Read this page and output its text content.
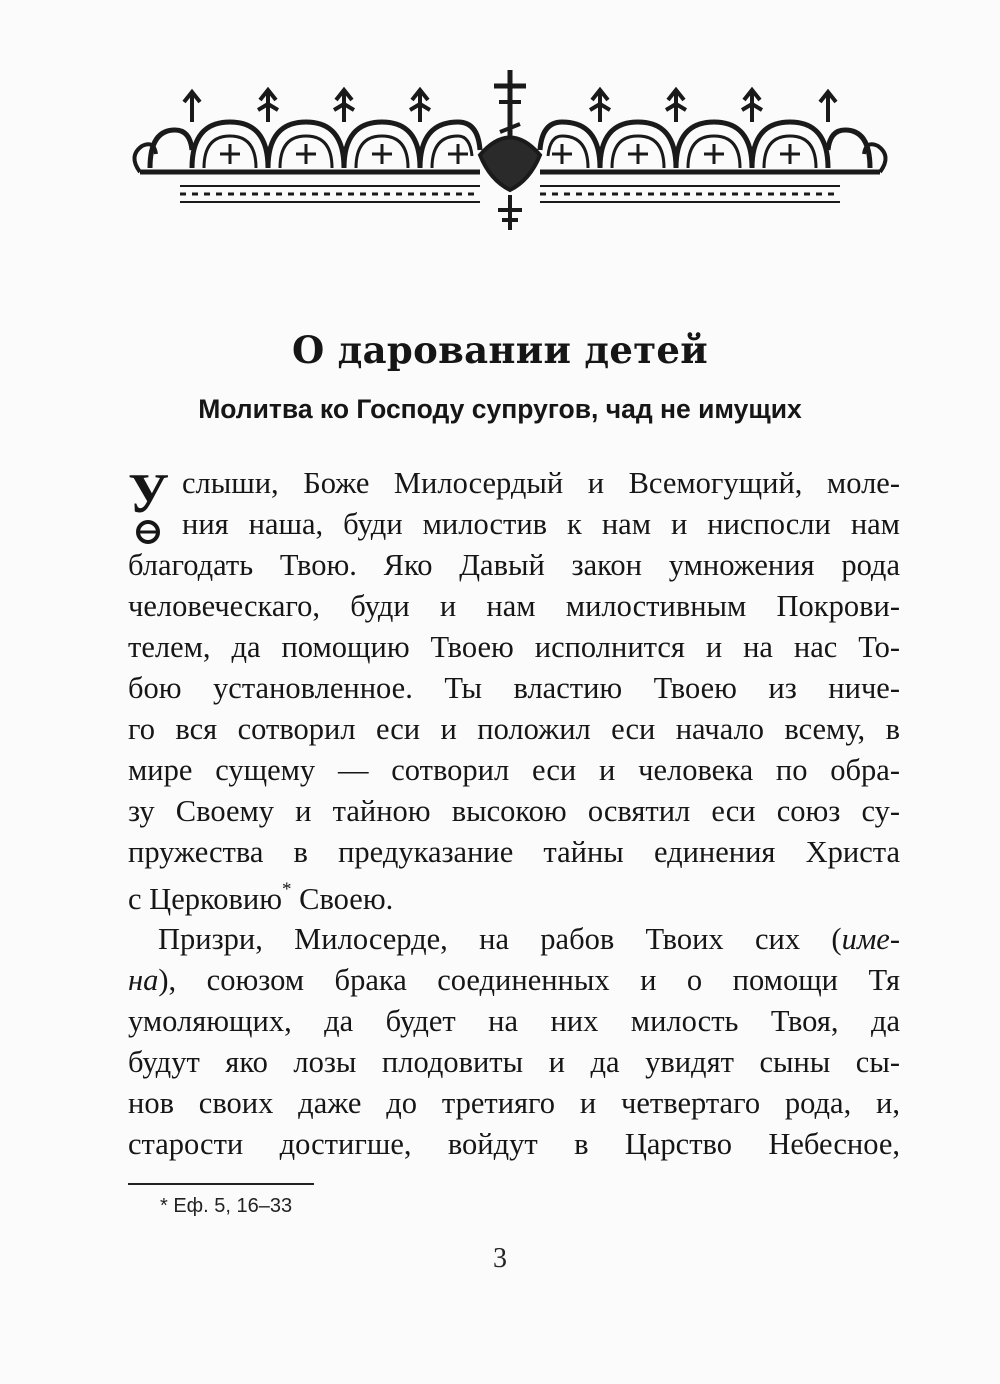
О даровании детей
Молитва ко Господу супругов, чад не имущих
У слыши, Боже Милосердый и Всемогущий, моле-
ния наша, буди милостив к нам и ниспосли нам
благодать Твою. Яко Давый закон умножения рода
человеческаго, буди и нам милостивным Покрови-
телем, да помощию Твоею исполнится и на нас То-
бою установленное. Ты властию Твоею из ниче-
го вся сотворил еси и положил еси начало всему, в
мире сущему — сотворил еси и человека по обра-
зу Своему и тайною высокою освятил еси союз су-
пружества в предуказание тайны единения Христа
с Церковию* Своею.
Призри, Милосерде, на рабов Твоих сих (име-
на), союзом брака соединенных и о помощи Тя
умоляющих, да будет на них милость Твоя, да
будут яко лозы плодовиты и да увидят сыны сы-
нов своих даже до третияго и четвертаго рода, и,
старости достигше, войдут в Царство Небесное,
* Еф. 5, 16–33
3
